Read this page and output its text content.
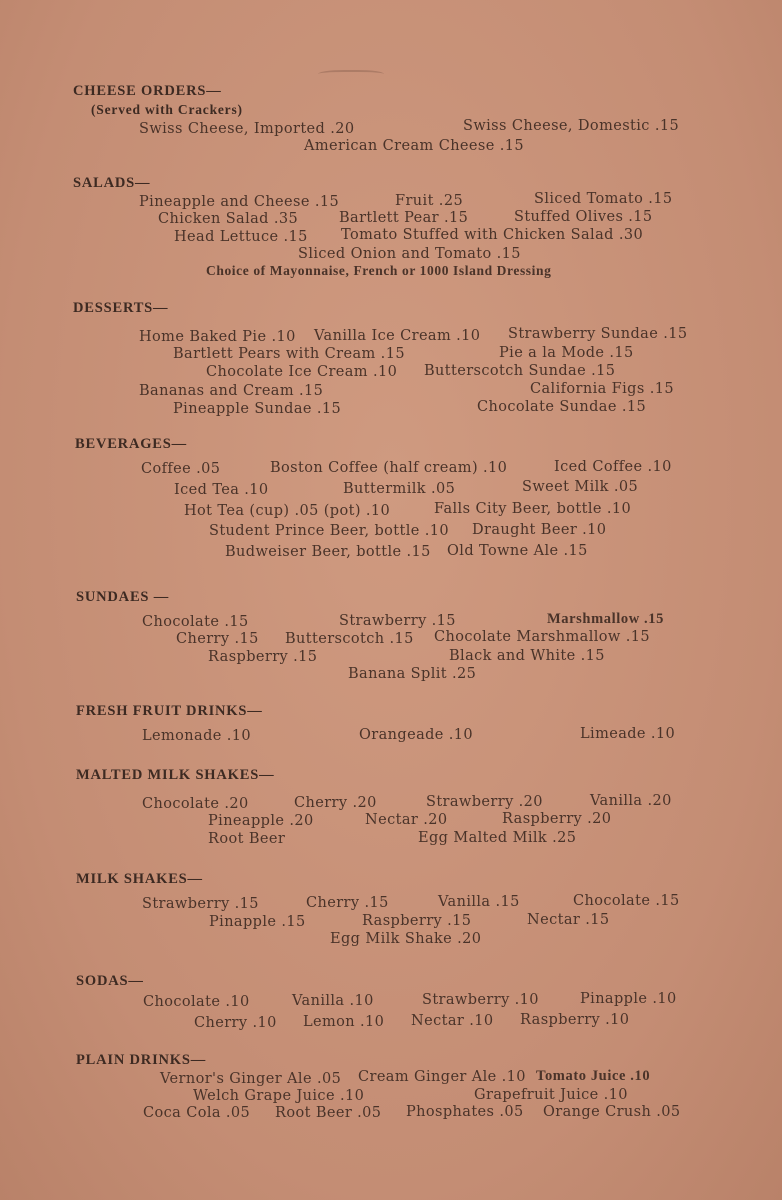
CHEESE ORDERS—
(Served with Crackers)
Swiss Cheese, Imported .20	Swiss Cheese, Domestic .15
American Cream Cheese .15
SALADS—
Pineapple and Cheese .15	Fruit .25	Sliced Tomato .15
Chicken Salad .35	Bartlett Pear .15	Stuffed Olives .15
Head Lettuce .15 Tomato Stuffed with Chicken Salad .30
Sliced Onion and Tomato .15
Choice of Mayonnaise, French or 1000 Island Dressing
DESSERTS—
Home Baked Pie .10 Vanilla Ice Cream .10 Strawberry Sundae .15
Bartlett Pears with Cream .15	Pie a la Mode .15
Chocolate Ice Cream .10 Butterscotch Sundae .15
Bananas and Cream .15	California Figs .15
Pineapple Sundae .15	Chocolate Sundae .15
BEVERAGES—
Coffee .05	Boston Coffee (half cream) .10	Iced Coffee .10
Iced Tea .10	Buttermilk .05	Sweet Milk .05
Hot Tea (cup) .05 (pot) .10	Falls City Beer, bottle .10
Student Prince Beer, bottle .10 Draught Beer .10
Budweiser Beer, bottle .15 Old Towne Ale .15
SUNDAES —
Chocolate .15	Strawberry .15	Marshmallow .15
Cherry .15 Butterscotch .15 Chocolate Marshmallow .15
Raspberry .15	Black and White .15
Banana Split .25
FRESH FRUIT DRINKS—
Lemonade .10	Orangeade .10	Limeade .10
MALTED MILK SHAKES—
Chocolate .20	Cherry .20	Strawberry .20	Vanilla .20
Pineapple .20	Nectar .20	Raspberry .20
Root Beer	Egg Malted Milk .25
MILK SHAKES—
Strawberry .15	Cherry .15	Vanilla .15	Chocolate .15
Pinapple .15	Raspberry .15	Nectar .15
Egg Milk Shake .20
SODAS—
Chocolate .10	Vanilla .10	Strawberry .10	Pinapple .10
Cherry .10 Lemon .10 Nectar .10 Raspberry .10
PLAIN DRINKS—
Vernor's Ginger Ale .05 Cream Ginger Ale .10 Tomato Juice .10
Welch Grape Juice .10	Grapefruit Juice .10
Coca Cola .05 Root Beer .05 Phosphates .05 Orange Crush .05
